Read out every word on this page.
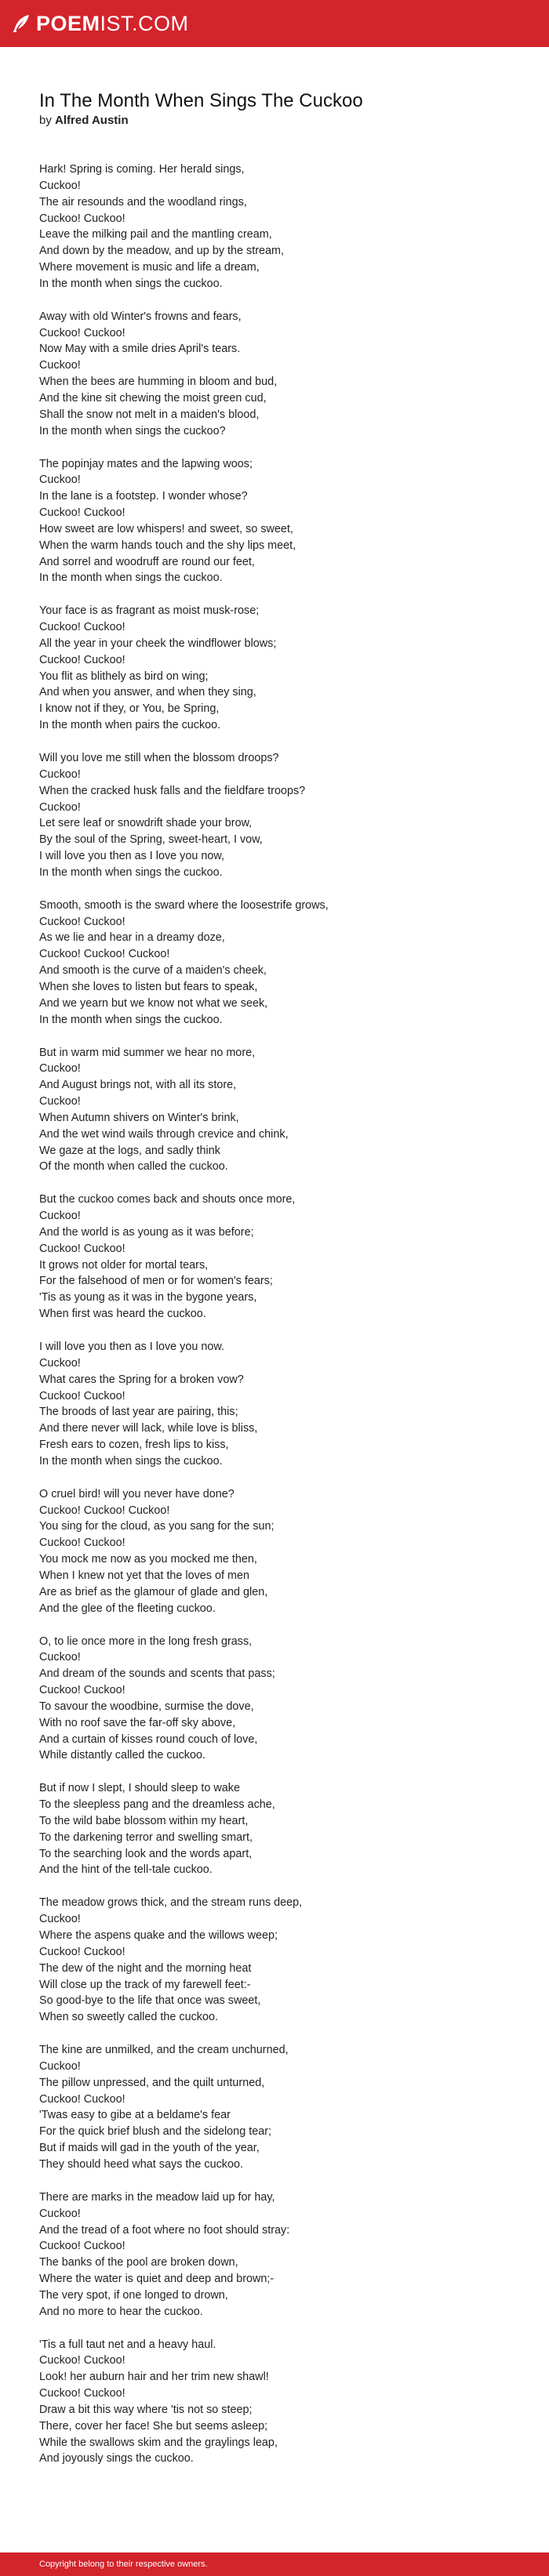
POEMIST.COM
In The Month When Sings The Cuckoo
by Alfred Austin
Hark! Spring is coming. Her herald sings,
Cuckoo!
The air resounds and the woodland rings,
Cuckoo! Cuckoo!
Leave the milking pail and the mantling cream,
And down by the meadow, and up by the stream,
Where movement is music and life a dream,
In the month when sings the cuckoo.
Away with old Winter's frowns and fears,
Cuckoo! Cuckoo!
Now May with a smile dries April's tears.
Cuckoo!
When the bees are humming in bloom and bud,
And the kine sit chewing the moist green cud,
Shall the snow not melt in a maiden's blood,
In the month when sings the cuckoo?
The popinjay mates and the lapwing woos;
Cuckoo!
In the lane is a footstep. I wonder whose?
Cuckoo! Cuckoo!
How sweet are low whispers! and sweet, so sweet,
When the warm hands touch and the shy lips meet,
And sorrel and woodruff are round our feet,
In the month when sings the cuckoo.
Your face is as fragrant as moist musk-rose;
Cuckoo! Cuckoo!
All the year in your cheek the windflower blows;
Cuckoo! Cuckoo!
You flit as blithely as bird on wing;
And when you answer, and when they sing,
I know not if they, or You, be Spring,
In the month when pairs the cuckoo.
Will you love me still when the blossom droops?
Cuckoo!
When the cracked husk falls and the fieldfare troops?
Cuckoo!
Let sere leaf or snowdrift shade your brow,
By the soul of the Spring, sweet-heart, I vow,
I will love you then as I love you now,
In the month when sings the cuckoo.
Smooth, smooth is the sward where the loosestrife grows,
Cuckoo! Cuckoo!
As we lie and hear in a dreamy doze,
Cuckoo! Cuckoo! Cuckoo!
And smooth is the curve of a maiden's cheek,
When she loves to listen but fears to speak,
And we yearn but we know not what we seek,
In the month when sings the cuckoo.
But in warm mid summer we hear no more,
Cuckoo!
And August brings not, with all its store,
Cuckoo!
When Autumn shivers on Winter's brink,
And the wet wind wails through crevice and chink,
We gaze at the logs, and sadly think
Of the month when called the cuckoo.
But the cuckoo comes back and shouts once more,
Cuckoo!
And the world is as young as it was before;
Cuckoo! Cuckoo!
It grows not older for mortal tears,
For the falsehood of men or for women's fears;
'Tis as young as it was in the bygone years,
When first was heard the cuckoo.
I will love you then as I love you now.
Cuckoo!
What cares the Spring for a broken vow?
Cuckoo! Cuckoo!
The broods of last year are pairing, this;
And there never will lack, while love is bliss,
Fresh ears to cozen, fresh lips to kiss,
In the month when sings the cuckoo.
O cruel bird! will you never have done?
Cuckoo! Cuckoo! Cuckoo!
You sing for the cloud, as you sang for the sun;
Cuckoo! Cuckoo!
You mock me now as you mocked me then,
When I knew not yet that the loves of men
Are as brief as the glamour of glade and glen,
And the glee of the fleeting cuckoo.
O, to lie once more in the long fresh grass,
Cuckoo!
And dream of the sounds and scents that pass;
Cuckoo! Cuckoo!
To savour the woodbine, surmise the dove,
With no roof save the far-off sky above,
And a curtain of kisses round couch of love,
While distantly called the cuckoo.
But if now I slept, I should sleep to wake
To the sleepless pang and the dreamless ache,
To the wild babe blossom within my heart,
To the darkening terror and swelling smart,
To the searching look and the words apart,
And the hint of the tell-tale cuckoo.
The meadow grows thick, and the stream runs deep,
Cuckoo!
Where the aspens quake and the willows weep;
Cuckoo! Cuckoo!
The dew of the night and the morning heat
Will close up the track of my farewell feet:-
So good-bye to the life that once was sweet,
When so sweetly called the cuckoo.
The kine are unmilked, and the cream unchurned,
Cuckoo!
The pillow unpressed, and the quilt unturned,
Cuckoo! Cuckoo!
'Twas easy to gibe at a beldame's fear
For the quick brief blush and the sidelong tear;
But if maids will gad in the youth of the year,
They should heed what says the cuckoo.
There are marks in the meadow laid up for hay,
Cuckoo!
And the tread of a foot where no foot should stray:
Cuckoo! Cuckoo!
The banks of the pool are broken down,
Where the water is quiet and deep and brown;-
The very spot, if one longed to drown,
And no more to hear the cuckoo.
'Tis a full taut net and a heavy haul.
Cuckoo! Cuckoo!
Look! her auburn hair and her trim new shawl!
Cuckoo! Cuckoo!
Draw a bit this way where 'tis not so steep;
There, cover her face! She but seems asleep;
While the swallows skim and the graylings leap,
And joyously sings the cuckoo.
Copyright belong to their respective owners.
